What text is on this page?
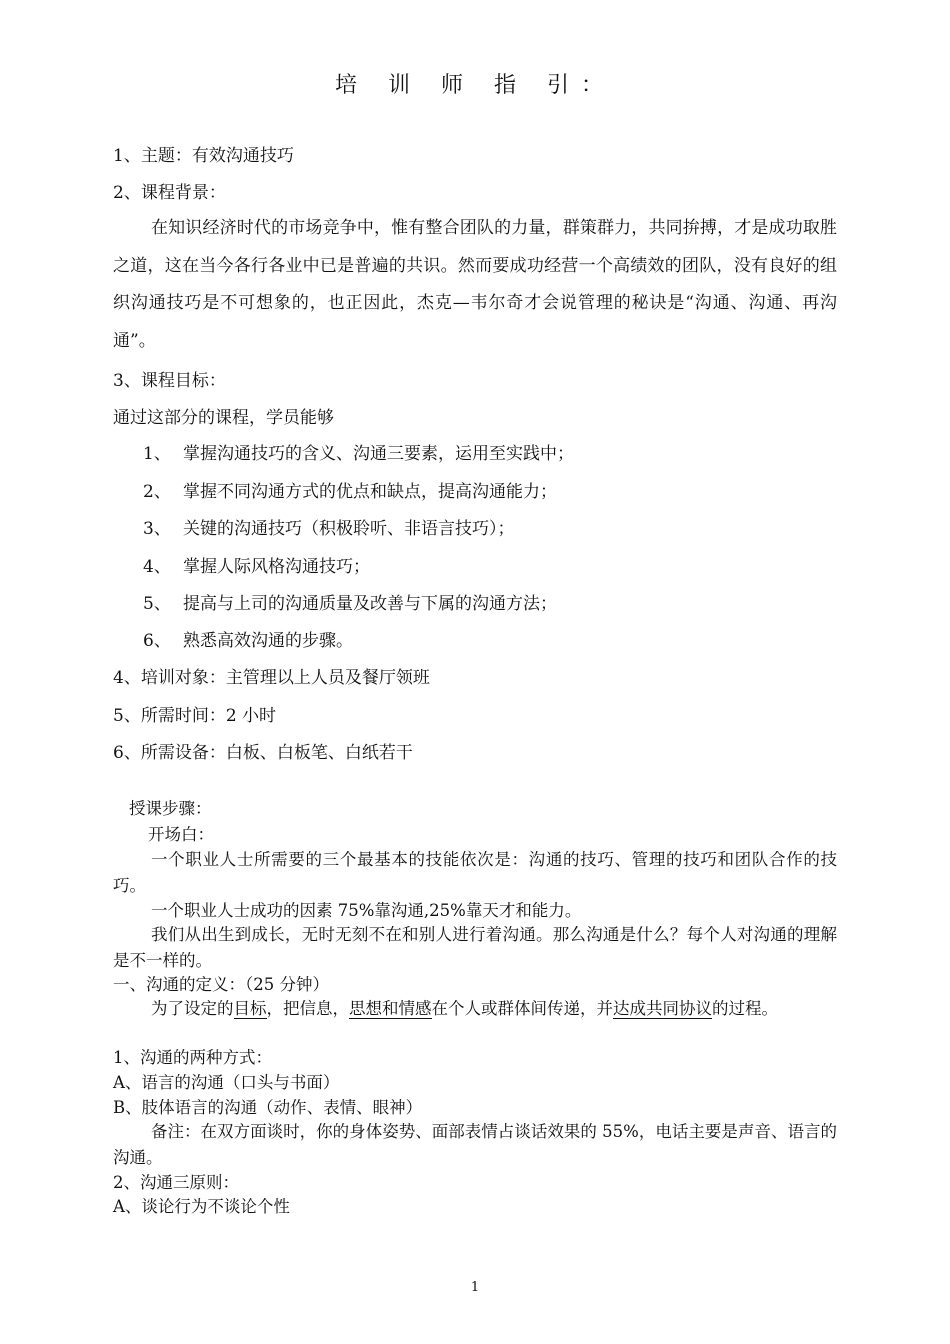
培 训 师 指 引：
1、主题：有效沟通技巧
2、课程背景：
在知识经济时代的市场竞争中，惟有整合团队的力量，群策群力，共同拚搏，才是成功取胜之道，这在当今各行各业中已是普遍的共识。然而要成功经营一个高绩效的团队，没有良好的组织沟通技巧是不可想象的，也正因此，杰克—韦尔奇才会说管理的秘诀是“沟通、沟通、再沟通”。
3、课程目标：
通过这部分的课程，学员能够
1、 掌握沟通技巧的含义、沟通三要素，运用至实践中；
2、 掌握不同沟通方式的优点和缺点，提高沟通能力；
3、 关键的沟通技巧（积极聆听、非语言技巧）；
4、 掌握人际风格沟通技巧；
5、 提高与上司的沟通质量及改善与下属的沟通方法；
6、 熟悉高效沟通的步骤。
4、培训对象：主管理以上人员及餐厅领班
5、所需时间：2 小时
6、所需设备：白板、白板笔、白纸若干
授课步骤：
开场白：
一个职业人士所需要的三个最基本的技能依次是：沟通的技巧、管理的技巧和团队合作的技巧。
一个职业人士成功的因素 75%靠沟通,25%靠天才和能力。
我们从出生到成长，无时无刻不在和别人进行着沟通。那么沟通是什么？每个人对沟通的理解是不一样的。
一、沟通的定义：（25 分钟）
为了设定的目标，把信息，思想和情感在个人或群体间传递，并达成共同协议的过程。
1、沟通的两种方式：
A、语言的沟通（口头与书面）
B、肢体语言的沟通（动作、表情、眼神）
备注：在双方面谈时，你的身体姿势、面部表情占谈话效果的 55%，电话主要是声音、语言的沟通。
2、沟通三原则：
A、谈论行为不谈论个性
1
